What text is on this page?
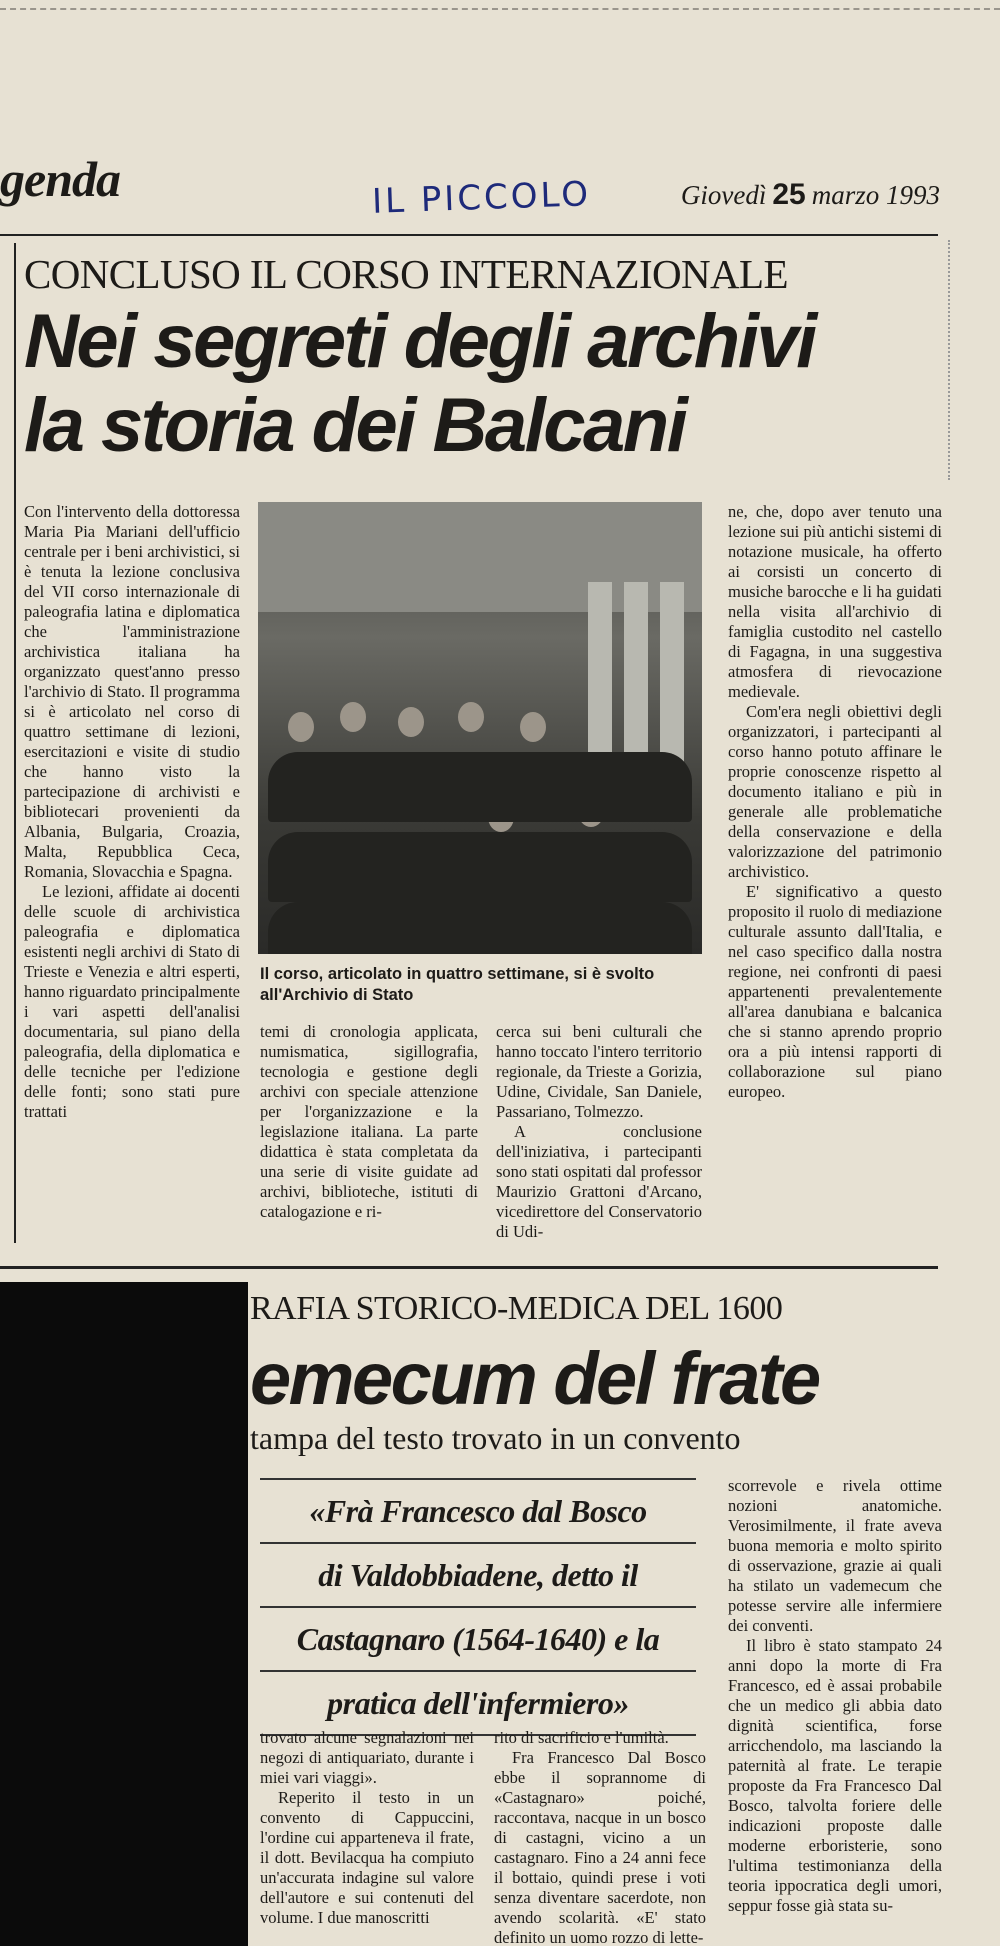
genda	IL PICCOLO	Giovedì 25 marzo 1993
CONCLUSO IL CORSO INTERNAZIONALE
Nei segreti degli archivi
la storia dei Balcani

Con l'intervento della dottoressa Maria Pia Mariani dell'ufficio centrale per i beni archivistici, si è tenuta la lezione conclusiva del VII corso internazionale di paleografia latina e diplomatica che l'amministrazione archivistica italiana ha organizzato quest'anno presso l'archivio di Stato. Il programma si è articolato nel corso di quattro settimane di lezioni, esercitazioni e visite di studio che hanno visto la partecipazione di archivisti e bibliotecari provenienti da Albania, Bulgaria, Croazia, Malta, Repubblica Ceca, Romania, Slovacchia e Spagna.

Le lezioni, affidate ai docenti delle scuole di archivistica paleografia e diplomatica esistenti negli archivi di Stato di Trieste e Venezia e altri esperti, hanno riguardato principalmente i vari aspetti dell'analisi documentaria, sul piano della paleografia, della diplomatica e delle tecniche per l'edizione delle fonti; sono stati pure trattati

Il corso, articolato in quattro settimane, si è svolto all'Archivio di Stato

temi di cronologia applicata, numismatica, sigillografia, tecnologia e gestione degli archivi con speciale attenzione per l'organizzazione e la legislazione italiana. La parte didattica è stata completata da una serie di visite guidate ad archivi, biblioteche, istituti di catalogazione e ri-

cerca sui beni culturali che hanno toccato l'intero territorio regionale, da Trieste a Gorizia, Udine, Cividale, San Daniele, Passariano, Tolmezzo.

A conclusione dell'iniziativa, i partecipanti sono stati ospitati dal professor Maurizio Grattoni d'Arcano, vicedirettore del Conservatorio di Udi-

ne, che, dopo aver tenuto una lezione sui più antichi sistemi di notazione musicale, ha offerto ai corsisti un concerto di musiche barocche e li ha guidati nella visita all'archivio di famiglia custodito nel castello di Fagagna, in una suggestiva atmosfera di rievocazione medievale.

Com'era negli obiettivi degli organizzatori, i partecipanti al corso hanno potuto affinare le proprie conoscenze rispetto al documento italiano e più in generale alle problematiche della conservazione e della valorizzazione del patrimonio archivistico.

E' significativo a questo proposito il ruolo di mediazione culturale assunto dall'Italia, e nel caso specifico dalla nostra regione, nei confronti di paesi appartenenti prevalentemente all'area danubiana e balcanica che si stanno aprendo proprio ora a più intensi rapporti di collaborazione sul piano europeo.

RAFIA STORICO-MEDICA DEL 1600
emecum del frate
tampa del testo trovato in un convento
«Frà Francesco dal Bosco
di Valdobbiadene, detto il
Castagnaro (1564-1640) e la
pratica dell'infermiero»

trovato alcune segnalazioni nei negozi di antiquariato, durante i miei vari viaggi».

Reperito il testo in un convento di Cappuccini, l'ordine cui apparteneva il frate, il dott. Bevilacqua ha compiuto un'accurata indagine sul valore dell'autore e sui contenuti del volume. I due manoscritti

rito di sacrificio e l'umiltà.

Fra Francesco Dal Bosco ebbe il soprannome di «Castagnaro» poiché, raccontava, nacque in un bosco di castagni, vicino a un castagnaro. Fino a 24 anni fece il bottaio, quindi prese i voti senza diventare sacerdote, non avendo scolarità. «E' stato definito un uomo rozzo di lette-

scorrevole e rivela ottime nozioni anatomiche. Verosimilmente, il frate aveva buona memoria e molto spirito di osservazione, grazie ai quali ha stilato un vademecum che potesse servire alle infermiere dei conventi.

Il libro è stato stampato 24 anni dopo la morte di Fra Francesco, ed è assai probabile che un medico gli abbia dato dignità scientifica, forse arricchendolo, ma lasciando la paternità al frate. Le terapie proposte da Fra Francesco Dal Bosco, talvolta foriere delle indicazioni proposte dalle moderne erboristerie, sono l'ultima testimonianza della teoria ippocratica degli umori, seppur fosse già stata su-
